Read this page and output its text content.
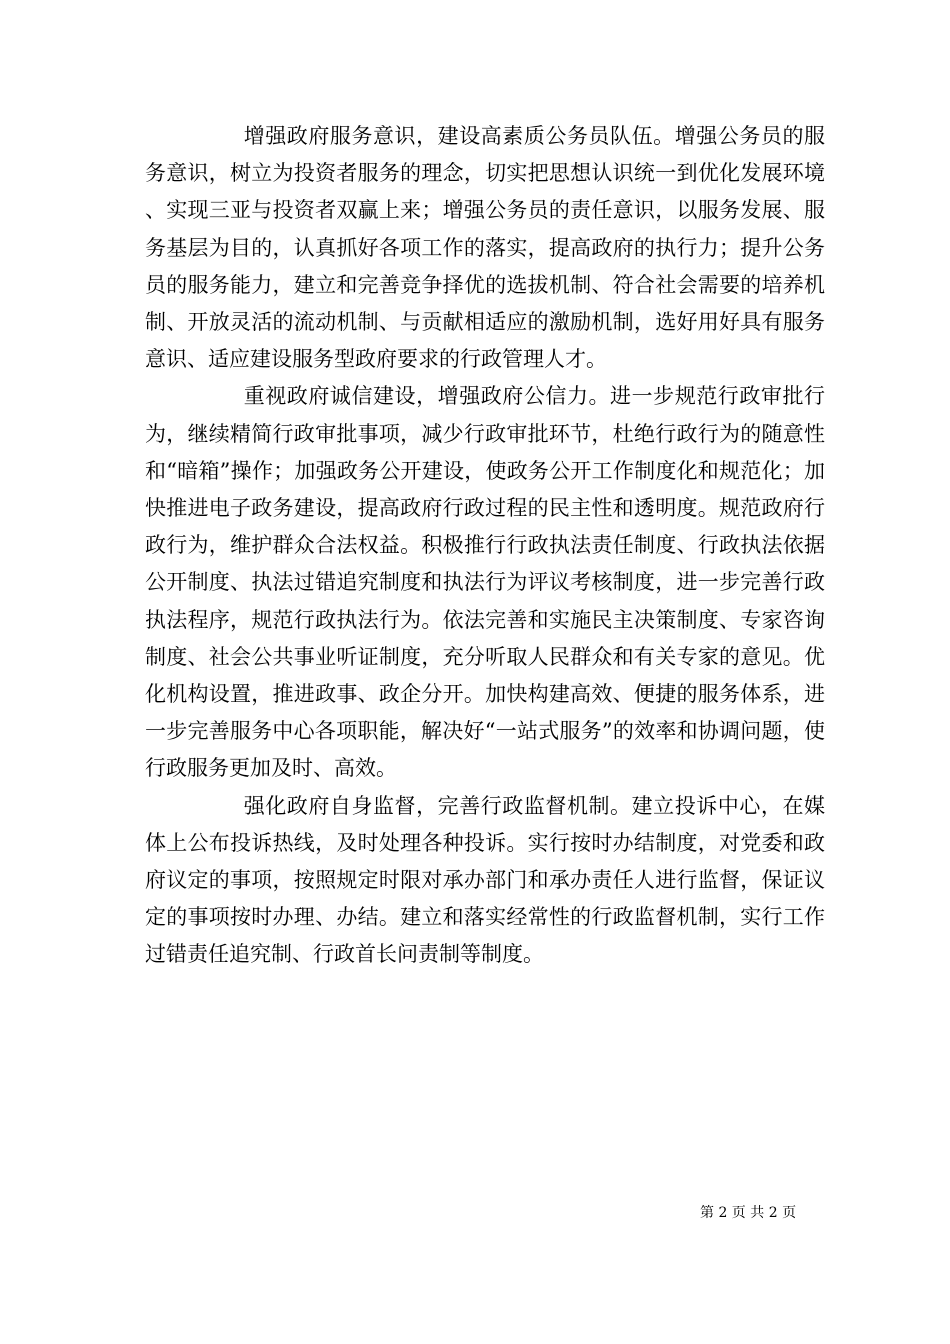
增强政府服务意识，建设高素质公务员队伍。增强公务员的服务意识，树立为投资者服务的理念，切实把思想认识统一到优化发展环境、实现三亚与投资者双赢上来；增强公务员的责任意识，以服务发展、服务基层为目的，认真抓好各项工作的落实，提高政府的执行力；提升公务员的服务能力，建立和完善竞争择优的选拔机制、符合社会需要的培养机制、开放灵活的流动机制、与贡献相适应的激励机制，选好用好具有服务意识、适应建设服务型政府要求的行政管理人才。

重视政府诚信建设，增强政府公信力。进一步规范行政审批行为，继续精简行政审批事项，减少行政审批环节，杜绝行政行为的随意性和“暗箱”操作；加强政务公开建设，使政务公开工作制度化和规范化；加快推进电子政务建设，提高政府行政过程的民主性和透明度。规范政府行政行为，维护群众合法权益。积极推行行政执法责任制度、行政执法依据公开制度、执法过错追究制度和执法行为评议考核制度，进一步完善行政执法程序，规范行政执法行为。依法完善和实施民主决策制度、专家咨询制度、社会公共事业听证制度，充分听取人民群众和有关专家的意见。优化机构设置，推进政事、政企分开。加快构建高效、便捷的服务体系，进一步完善服务中心各项职能，解决好“一站式服务”的效率和协调问题，使行政服务更加及时、高效。

强化政府自身监督，完善行政监督机制。建立投诉中心，在媒体上公布投诉热线，及时处理各种投诉。实行按时办结制度，对党委和政府议定的事项，按照规定时限对承办部门和承办责任人进行监督，保证议定的事项按时办理、办结。建立和落实经常性的行政监督机制，实行工作过错责任追究制、行政首长问责制等制度。

第 2 页 共 2 页
